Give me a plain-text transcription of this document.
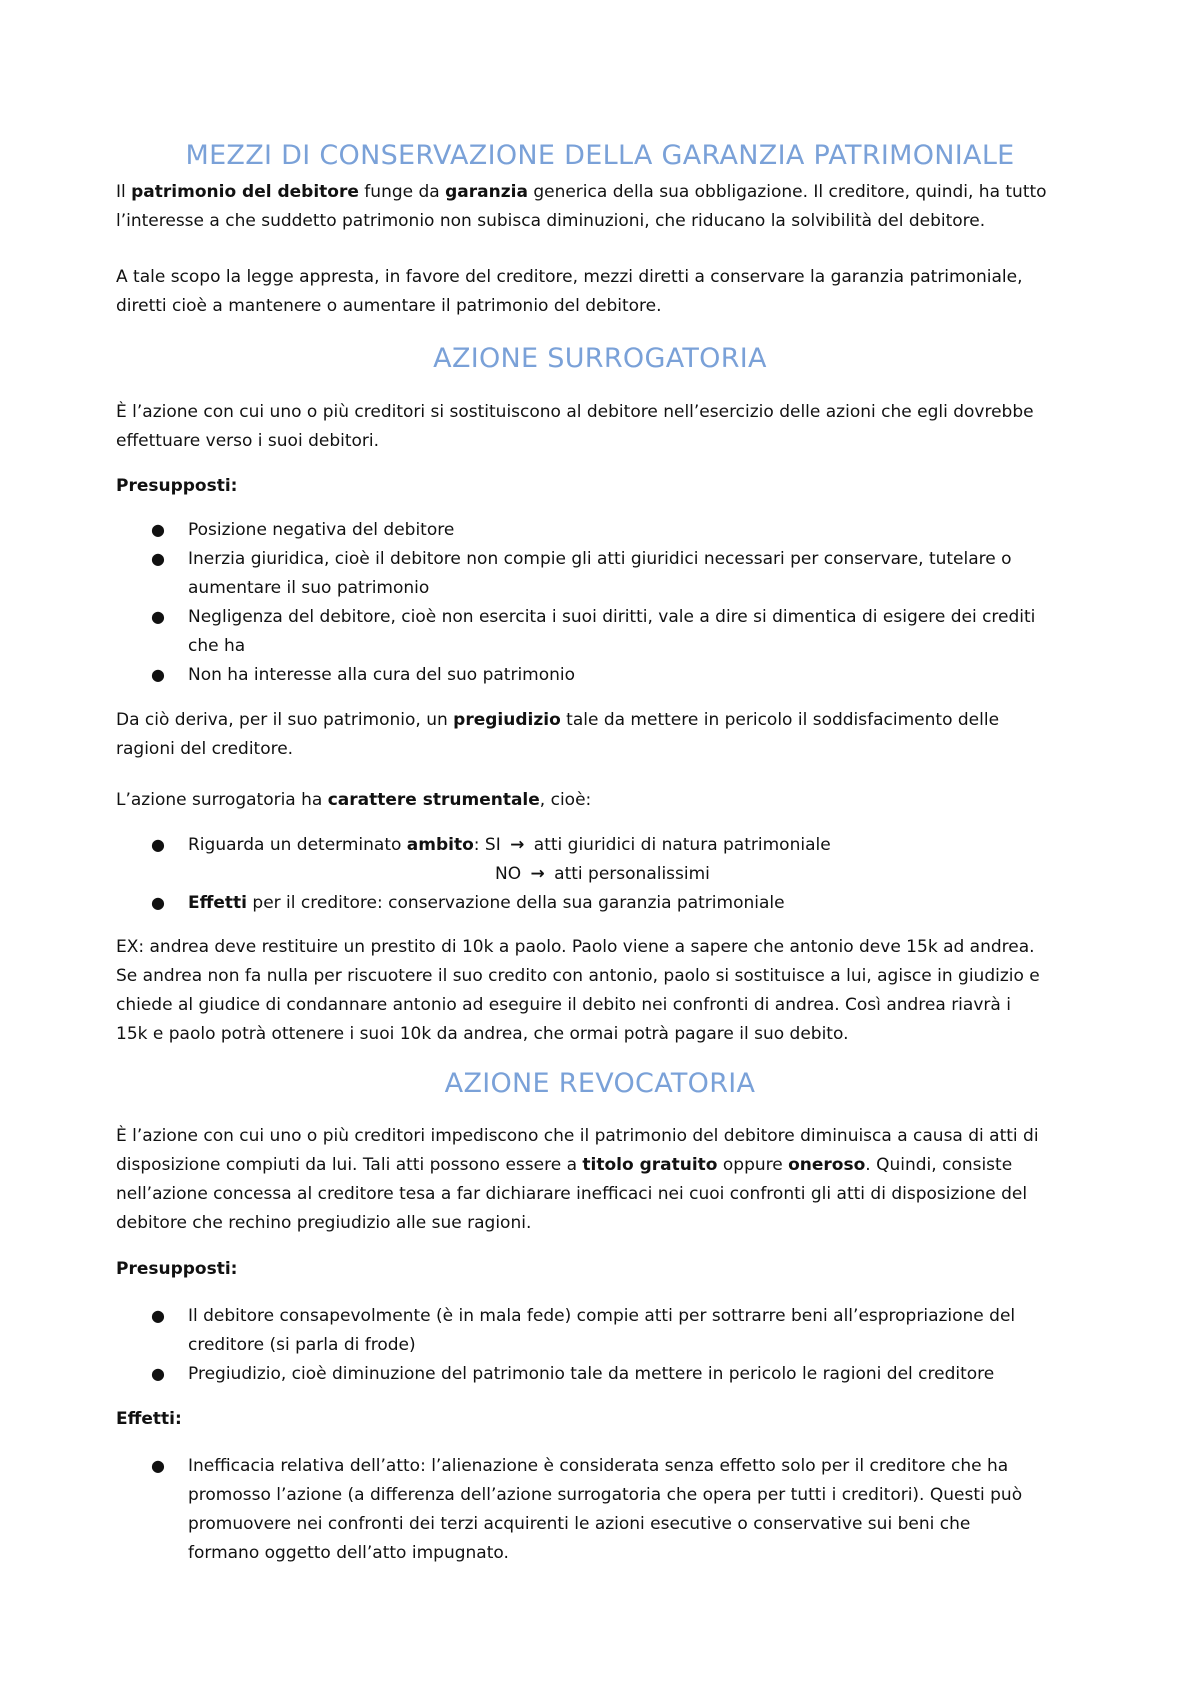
MEZZI DI CONSERVAZIONE DELLA GARANZIA PATRIMONIALE

Il patrimonio del debitore funge da garanzia generica della sua obbligazione. Il creditore, quindi, ha tutto
l’interesse a che suddetto patrimonio non subisca diminuzioni, che riducano la solvibilità del debitore.

A tale scopo la legge appresta, in favore del creditore, mezzi diretti a conservare la garanzia patrimoniale,
diretti cioè a mantenere o aumentare il patrimonio del debitore.

AZIONE SURROGATORIA

È l’azione con cui uno o più creditori si sostituiscono al debitore nell’esercizio delle azioni che egli dovrebbe
effettuare verso i suoi debitori.

Presupposti:

● Posizione negativa del debitore
● Inerzia giuridica, cioè il debitore non compie gli atti giuridici necessari per conservare, tutelare o
aumentare il suo patrimonio
● Negligenza del debitore, cioè non esercita i suoi diritti, vale a dire si dimentica di esigere dei crediti
che ha
● Non ha interesse alla cura del suo patrimonio

Da ciò deriva, per il suo patrimonio, un pregiudizio tale da mettere in pericolo il soddisfacimento delle
ragioni del creditore.

L’azione surrogatoria ha carattere strumentale, cioè:

● Riguarda un determinato ambito: SI → atti giuridici di natura patrimoniale
NO → atti personalissimi
● Effetti per il creditore: conservazione della sua garanzia patrimoniale

EX: andrea deve restituire un prestito di 10k a paolo. Paolo viene a sapere che antonio deve 15k ad andrea.
Se andrea non fa nulla per riscuotere il suo credito con antonio, paolo si sostituisce a lui, agisce in giudizio e
chiede al giudice di condannare antonio ad eseguire il debito nei confronti di andrea. Così andrea riavrà i
15k e paolo potrà ottenere i suoi 10k da andrea, che ormai potrà pagare il suo debito.

AZIONE REVOCATORIA

È l’azione con cui uno o più creditori impediscono che il patrimonio del debitore diminuisca a causa di atti di
disposizione compiuti da lui. Tali atti possono essere a titolo gratuito oppure oneroso. Quindi, consiste
nell’azione concessa al creditore tesa a far dichiarare inefficaci nei cuoi confronti gli atti di disposizione del
debitore che rechino pregiudizio alle sue ragioni.

Presupposti:

● Il debitore consapevolmente (è in mala fede) compie atti per sottrarre beni all’espropriazione del
creditore (si parla di frode)
● Pregiudizio, cioè diminuzione del patrimonio tale da mettere in pericolo le ragioni del creditore

Effetti:

● Inefficacia relativa dell’atto: l’alienazione è considerata senza effetto solo per il creditore che ha
promosso l’azione (a differenza dell’azione surrogatoria che opera per tutti i creditori). Questi può
promuovere nei confronti dei terzi acquirenti le azioni esecutive o conservative sui beni che
formano oggetto dell’atto impugnato.
